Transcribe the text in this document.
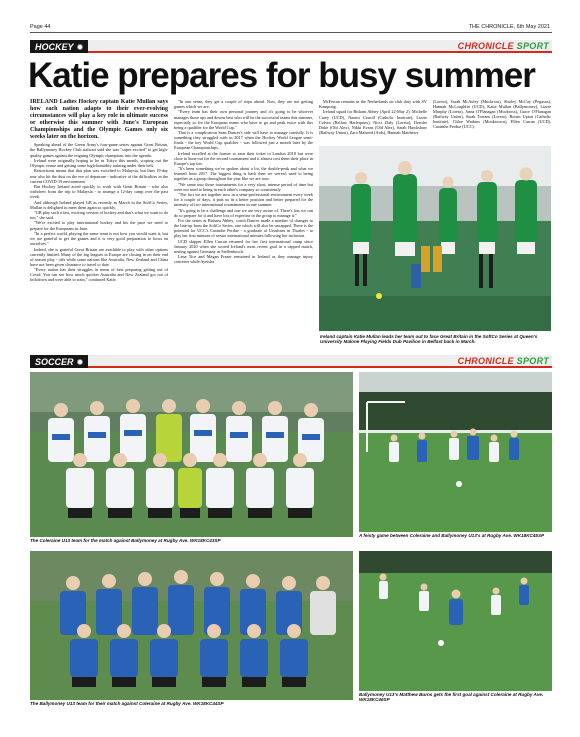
Page 44	THE CHRONICLE, 6th May 2021
HOCKEY	CHRONICLE SPORT
Katie prepares for busy summer
IRELAND Ladies Hockey captain Katie Mullan says how each nation adapts to their ever-evolving circumstances will play a key role in ultimate success or otherwise this summer with June's European Championships and the Olympic Games only six weeks later on the horizon.

Speaking ahead of the Green Army's four-game series against Great Britain, the Ballymoney Hockey Club stalwart said she was "super excited" to get high-quality games against the reigning Olympic champions into the agenda.

Ireland were originally hoping to be in Tokyo this month, scoping out the Olympic venue and getting some high-humidity training under their belt.

Restrictions meant that that plan was switched to Malaysia, but then 19-day tour also hit the dust on the eve of departure - indicative of the difficulties in the current COVID-19 environment.

But Hockey Ireland acted quickly to work with Great Britain - who also withdrew from the trip to Malaysia - to arrange a 12-day camp over the past week.

And although Ireland played GB as recently as March in the SoftCo Series, Mullan is delighted to meet them again so quickly.

"GB play such a fast, exciting version of hockey and that's what we want to do too," she said.

"We're excited to play international hockey and his the pace we need to prepare for the Europeans in June.

"In a perfect world, playing the same team is not how you would want it, but we are grateful to get the games and it is very good preparation to focus on ourselves."

Indeed, she is grateful Great Britain are available to play with other options currently limited. Many of the big leagues in Europe are closing in on their end of season play - offs while some nations like Australia, New Zealand and China have not been given clearance to travel to date.

"Every nation has their struggles in terms of best preparing getting out of Covid. You can see how much quicker Australia and New Zealand got out of lockdown and were able to train," continued Katie.

"In one sense, they get a couple of steps ahead. Now, they are not getting games which we are.

"Every team has their own personal journey and it's going to be whoever manages those ups and downs best who will be the successful teams this summer, especially so for the European teams who have to go and peak twice with this being a qualifier for the World Cup."

That is a complication Sean Dancer's side will have to manage carefully. It is something they struggled with in 2017 when the Hockey World League semi-finals - the key World Cup qualifier - was followed just a month later by the European Championships.

Ireland excelled at the former to earn their ticket to London 2018 but were close to burn-out for the second tournament and it almost cost them their place in Europe's top tier.

"It's been something we've spoken about a lot, the double-peak and what we learned from 2017. The biggest thing is back then we weren't used to being together as a group throughout the year like we are now.

"We came into those tournaments for a very short, intense period of time but were not used to being in each other's company so consistently.

"The fact we are together now in a semi-professional environment every week for a couple of days, it puts us in a better position and better prepared for the intensity of two international tournaments in one summer.

"It's going to be a challenge and one we are very aware of. There's lots we can do to prepare for it and have lots of expertise in the group to manage it."

For the series at Bisham Abbey, coach Dancer made a number of changes to the line-up from the SoftCo Series, one which will also be uncapped. There is the potential for UCC's Caoimhe Perdue - a graduate of Ursulines in Thurles - to play her first minutes of senior international minutes following her inclusion.

UCD skipper Ellen Curran returned for her first international camp since January 2020 when she scored Ireland's most recent goal in a capped match, netting against Germany in Stellenbosch.

Lena Tice and Megan Frazer remained in Ireland as they manage injury concerns while Ayeisha

McFerran remains in the Netherlands on club duty with SV Kampong.

Ireland squad for Bisham Abbey (April 22-May 2): Michelle Carey (UCD), Naomi Carroll (Catholic Institute), Lizzie Colvin (Belfast Harlequins), Nicci Daly (Loreto), Deirdre Duke (Old Alex), Nikki Evans (Old Alex), Sarah Hawkshaw (Railway Union), Zara Malseed (Ards), Hannah Matthews

(Loreto), Sarah McAuley (Muckross), Shirley McCay (Pegasus), Hannah McLoughlin (UCD), Katie Mullan (Ballymoney), Lizzie Murphy (Loreto), Anna O'Flanagan (Muckross), Grace O'Flanagan (Railway Union), Sarah Torrans (Loreto), Roisin Upton (Catholic Institute), Chloe Watkins (Monkstown), Ellen Curran (UCD), Caoimhe Perdue (UCC).

Ireland captain Katie Mullan leads her team out to face Great Britain in the SoftCo Series at Queen's University Malone Playing Fields Dub Pavilion in Belfast back in March.
SOCCER	CHRONICLE SPORT
The Coleraine U13 team for the match against Ballymoney at Rugby Ave. WK18KC43SP
A feisty game between Coleraine and Ballymoney U13's at Rugby Ave. WK18KC45SP
The Ballymoney U13 team for their match against Coleraine at Rugby Ave. WK18KC44SP
Ballymoney U13's Matthew Burns gets the first goal against Coleraine at Rugby Ave. WK18KC46SP
